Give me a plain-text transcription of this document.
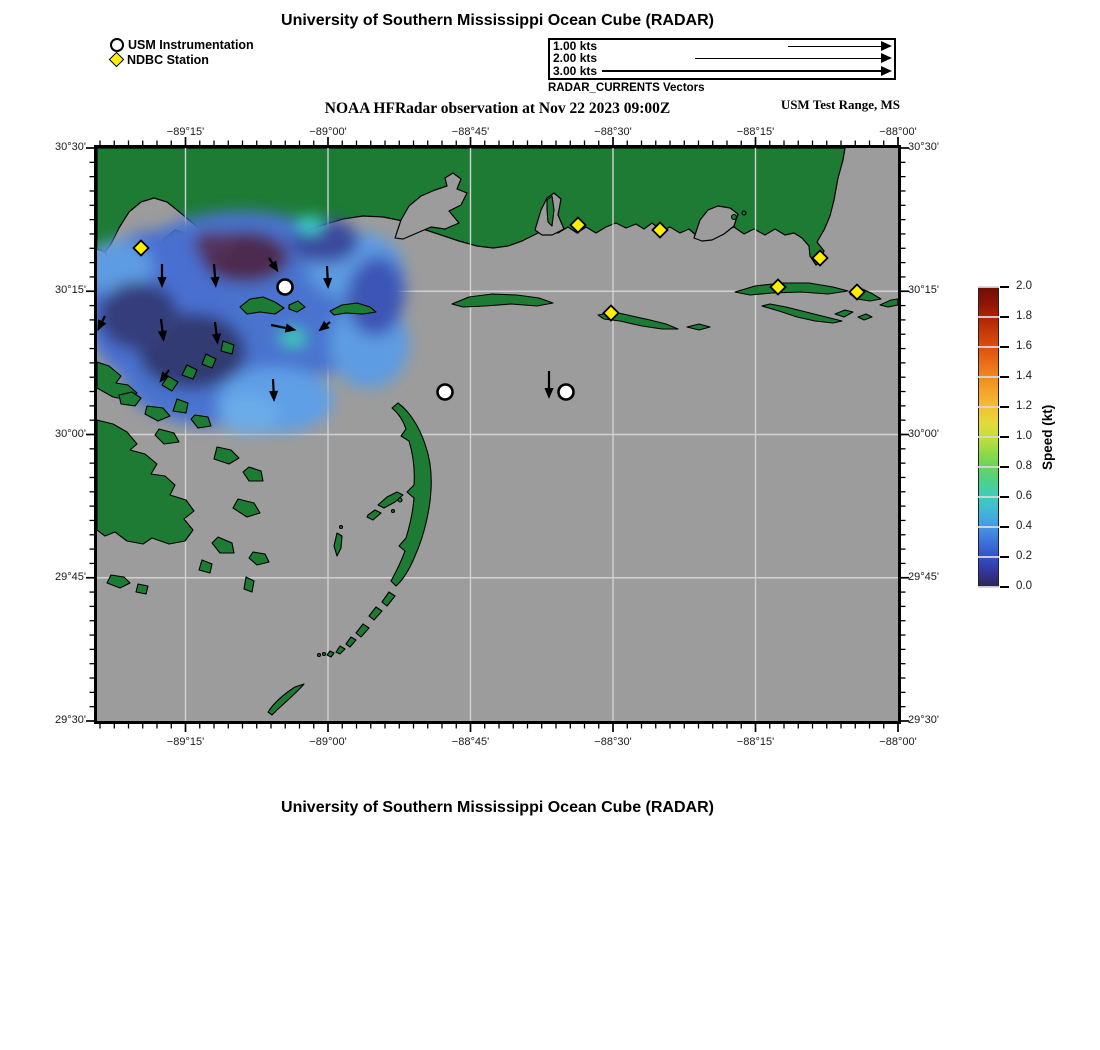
University of Southern Mississippi Ocean Cube (RADAR)
USM Instrumentation
NDBC Station
1.00 kts
2.00 kts
3.00 kts
RADAR_CURRENTS Vectors
NOAA HFRadar observation at Nov 22 2023 09:00Z	USM Test Range, MS
Speed (kt)
University of Southern Mississippi Ocean Cube (RADAR)
−89°15'
−89°15'
−89°00'
−89°00'
−88°45'
−88°45'
−88°30'
−88°30'
−88°15'
−88°15'
−88°00'
−88°00'
30°30'	30°30'
30°15'	30°15'
30°00'	30°00'
29°45'	29°45'
29°30'	29°30'
0.0
0.2
0.4
0.6
0.8
1.0
1.2
1.4
1.6
1.8
2.0
